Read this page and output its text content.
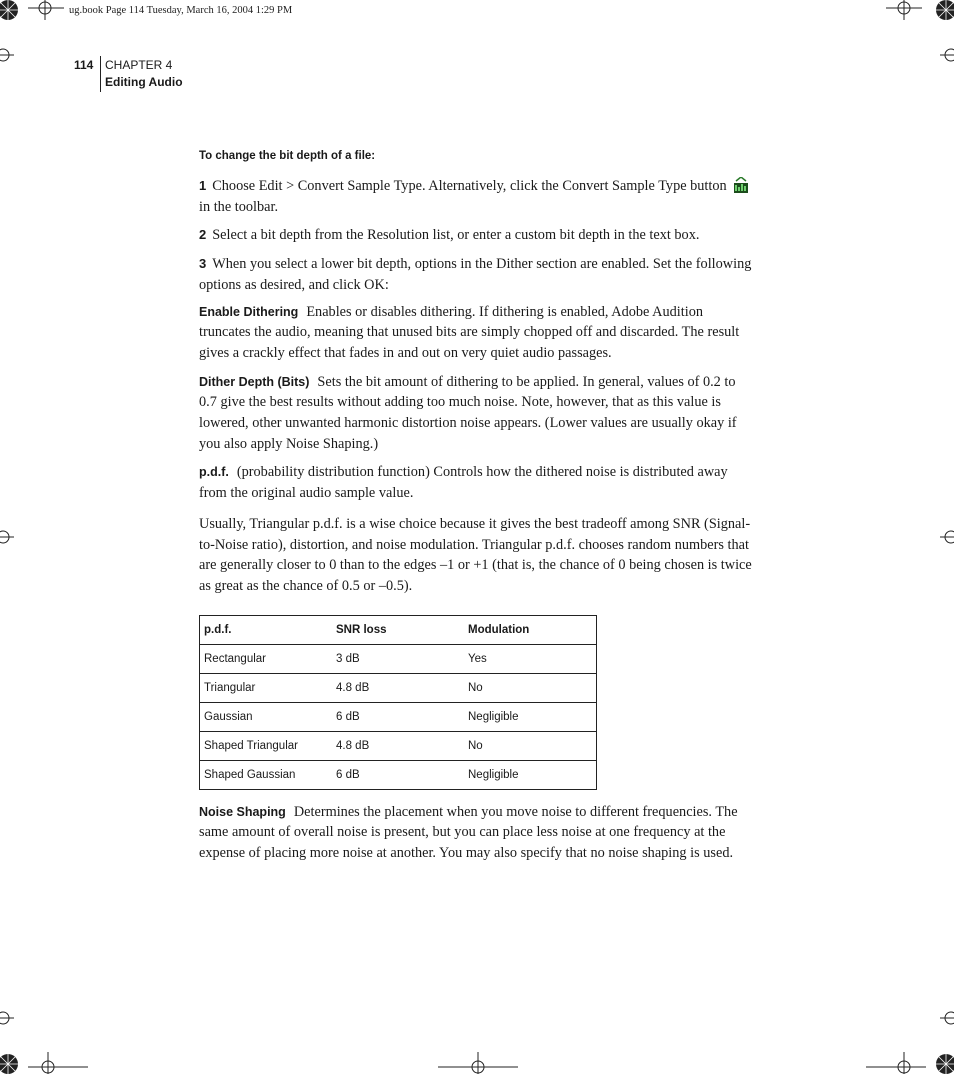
ug.book Page 114 Tuesday, March 16, 2004 1:29 PM
114 CHAPTER 4
Editing Audio
To change the bit depth of a file:

1 Choose Edit > Convert Sample Type. Alternatively, click the Convert Sample Type button in the toolbar.

2 Select a bit depth from the Resolution list, or enter a custom bit depth in the text box.

3 When you select a lower bit depth, options in the Dither section are enabled. Set the following options as desired, and click OK:

Enable Dithering Enables or disables dithering. If dithering is enabled, Adobe Audition truncates the audio, meaning that unused bits are simply chopped off and discarded. The result gives a crackly effect that fades in and out on very quiet audio passages.

Dither Depth (Bits) Sets the bit amount of dithering to be applied. In general, values of 0.2 to 0.7 give the best results without adding too much noise. Note, however, that as this value is lowered, other unwanted harmonic distortion noise appears. (Lower values are usually okay if you also apply Noise Shaping.)

p.d.f. (probability distribution function) Controls how the dithered noise is distributed away from the original audio sample value.

Usually, Triangular p.d.f. is a wise choice because it gives the best tradeoff among SNR (Signal-to-Noise ratio), distortion, and noise modulation. Triangular p.d.f. chooses random numbers that are generally closer to 0 than to the edges –1 or +1 (that is, the chance of 0 being chosen is twice as great as the chance of 0.5 or –0.5).

p.d.f.	SNR loss	Modulation
Rectangular	3 dB	Yes
Triangular	4.8 dB	No
Gaussian	6 dB	Negligible
Shaped Triangular	4.8 dB	No
Shaped Gaussian	6 dB	Negligible

Noise Shaping Determines the placement when you move noise to different frequencies. The same amount of overall noise is present, but you can place less noise at one frequency at the expense of placing more noise at another. You may also specify that no noise shaping is used.
